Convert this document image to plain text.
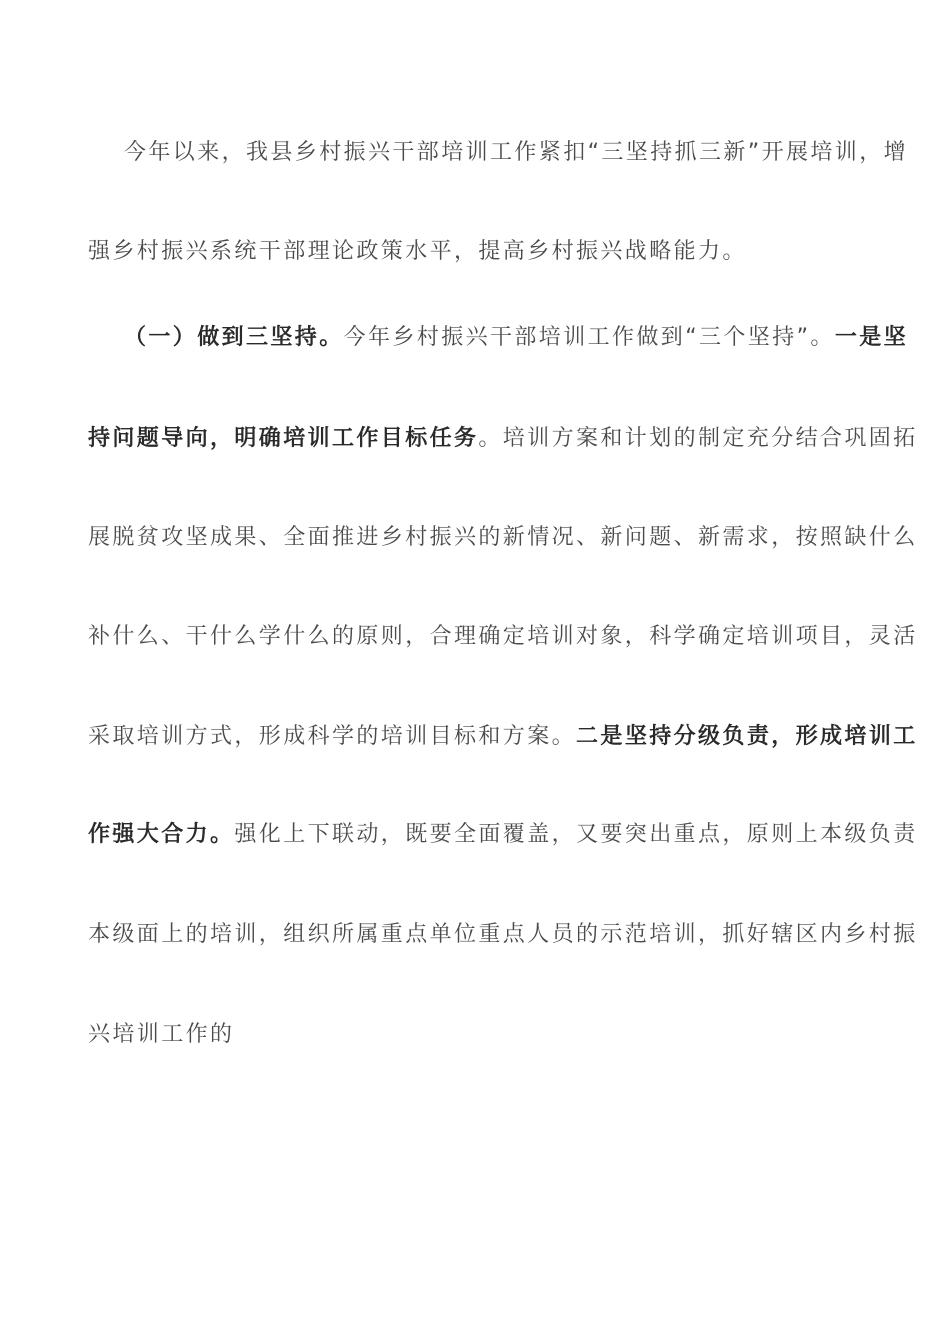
今年以来，我县乡村振兴干部培训工作紧扣“三坚持抓三新”开展培训，增
强乡村振兴系统干部理论政策水平，提高乡村振兴战略能力。
（一）做到三坚持。今年乡村振兴干部培训工作做到“三个坚持”。一是坚
持问题导向，明确培训工作目标任务。培训方案和计划的制定充分结合巩固拓
展脱贫攻坚成果、全面推进乡村振兴的新情况、新问题、新需求，按照缺什么
补什么、干什么学什么的原则，合理确定培训对象，科学确定培训项目，灵活
采取培训方式，形成科学的培训目标和方案。二是坚持分级负责，形成培训工
作强大合力。强化上下联动，既要全面覆盖，又要突出重点，原则上本级负责
本级面上的培训，组织所属重点单位重点人员的示范培训，抓好辖区内乡村振
兴培训工作的
